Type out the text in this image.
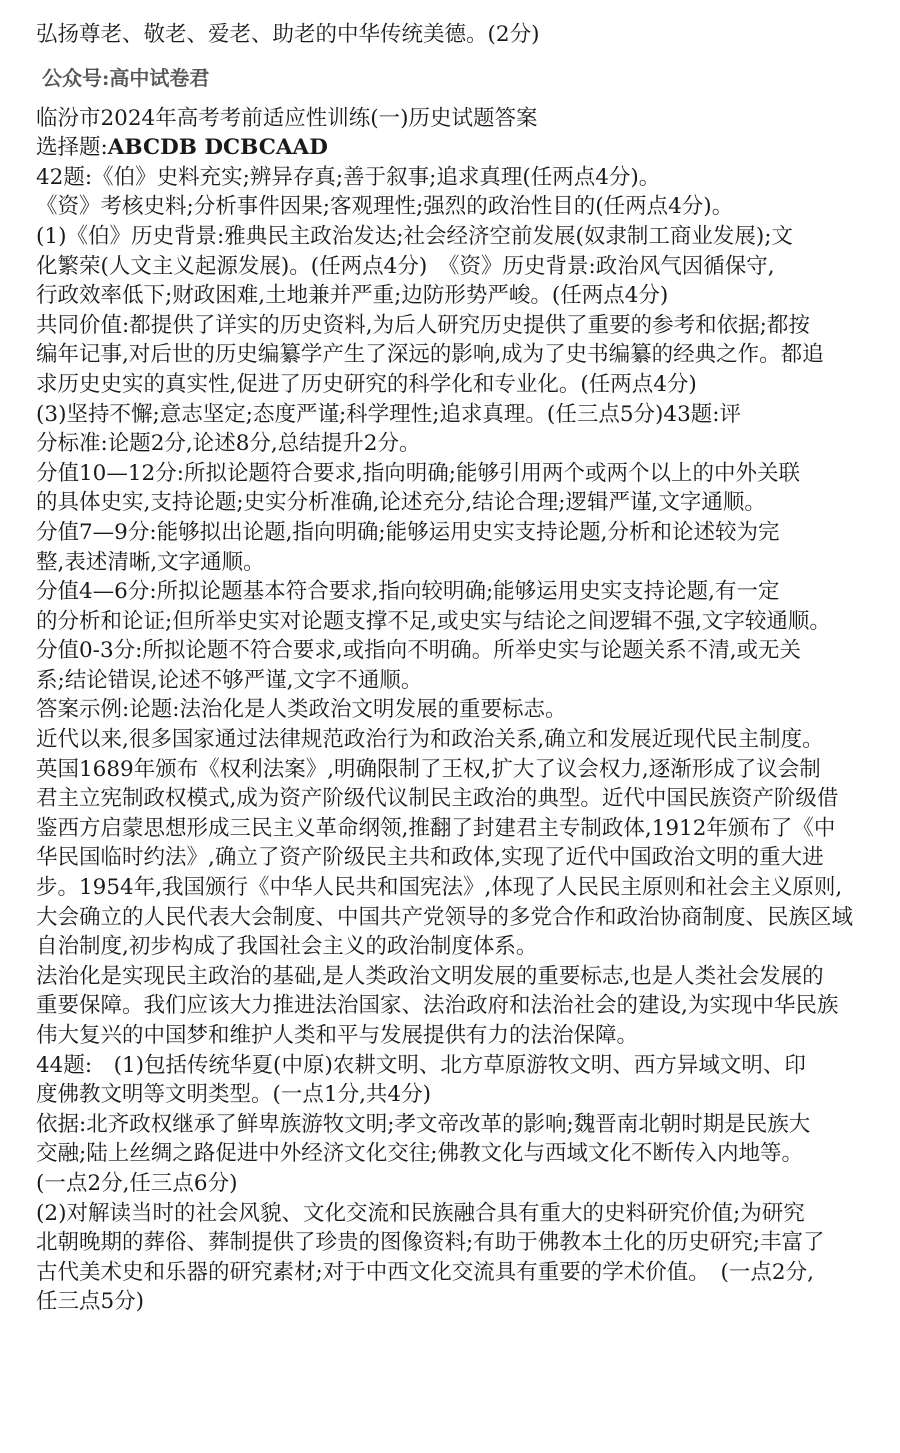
弘扬尊老、敬老、爱老、助老的中华传统美德。(2分)
公众号:高中试卷君
临汾市2024年高考考前适应性训练(一)历史试题答案
选择题:ABCDB DCBCAAD
42题:《伯》史料充实;辨异存真;善于叙事;追求真理(任两点4分)。
《资》考核史料;分析事件因果;客观理性;强烈的政治性目的(任两点4分)。
(1)《伯》历史背景:雅典民主政治发达;社会经济空前发展(奴隶制工商业发展);文
化繁荣(人文主义起源发展)。(任两点4分)　《资》历史背景:政治风气因循保守,
行政效率低下;财政困难,土地兼并严重;边防形势严峻。(任两点4分)
共同价值:都提供了详实的历史资料,为后人研究历史提供了重要的参考和依据;都按
编年记事,对后世的历史编纂学产生了深远的影响,成为了史书编纂的经典之作。都追
求历史史实的真实性,促进了历史研究的科学化和专业化。(任两点4分)
(3)坚持不懈;意志坚定;态度严谨;科学理性;追求真理。(任三点5分)43题:评
分标准:论题2分,论述8分,总结提升2分。
分值10—12分:所拟论题符合要求,指向明确;能够引用两个或两个以上的中外关联
的具体史实,支持论题;史实分析准确,论述充分,结论合理;逻辑严谨,文字通顺。
分值7—9分:能够拟出论题,指向明确;能够运用史实支持论题,分析和论述较为完
整,表述清晰,文字通顺。
分值4—6分:所拟论题基本符合要求,指向较明确;能够运用史实支持论题,有一定
的分析和论证;但所举史实对论题支撑不足,或史实与结论之间逻辑不强,文字较通顺。
分值0-3分:所拟论题不符合要求,或指向不明确。所举史实与论题关系不清,或无关
系;结论错误,论述不够严谨,文字不通顺。
答案示例:论题:法治化是人类政治文明发展的重要标志。
近代以来,很多国家通过法律规范政治行为和政治关系,确立和发展近现代民主制度。
英国1689年颁布《权利法案》,明确限制了王权,扩大了议会权力,逐渐形成了议会制
君主立宪制政权模式,成为资产阶级代议制民主政治的典型。近代中国民族资产阶级借
鉴西方启蒙思想形成三民主义革命纲领,推翻了封建君主专制政体,1912年颁布了《中
华民国临时约法》,确立了资产阶级民主共和政体,实现了近代中国政治文明的重大进
步。1954年,我国颁行《中华人民共和国宪法》,体现了人民民主原则和社会主义原则,
大会确立的人民代表大会制度、中国共产党领导的多党合作和政治协商制度、民族区域
自治制度,初步构成了我国社会主义的政治制度体系。
法治化是实现民主政治的基础,是人类政治文明发展的重要标志,也是人类社会发展的
重要保障。我们应该大力推进法治国家、法治政府和法治社会的建设,为实现中华民族
伟大复兴的中国梦和维护人类和平与发展提供有力的法治保障。
44题:　(1)包括传统华夏(中原)农耕文明、北方草原游牧文明、西方异域文明、印
度佛教文明等文明类型。(一点1分,共4分)
依据:北齐政权继承了鲜卑族游牧文明;孝文帝改革的影响;魏晋南北朝时期是民族大
交融;陆上丝绸之路促进中外经济文化交往;佛教文化与西域文化不断传入内地等。
(一点2分,任三点6分)
(2)对解读当时的社会风貌、文化交流和民族融合具有重大的史料研究价值;为研究
北朝晚期的葬俗、葬制提供了珍贵的图像资料;有助于佛教本土化的历史研究;丰富了
古代美术史和乐器的研究素材;对于中西文化交流具有重要的学术价值。　(一点2分,
任三点5分)
